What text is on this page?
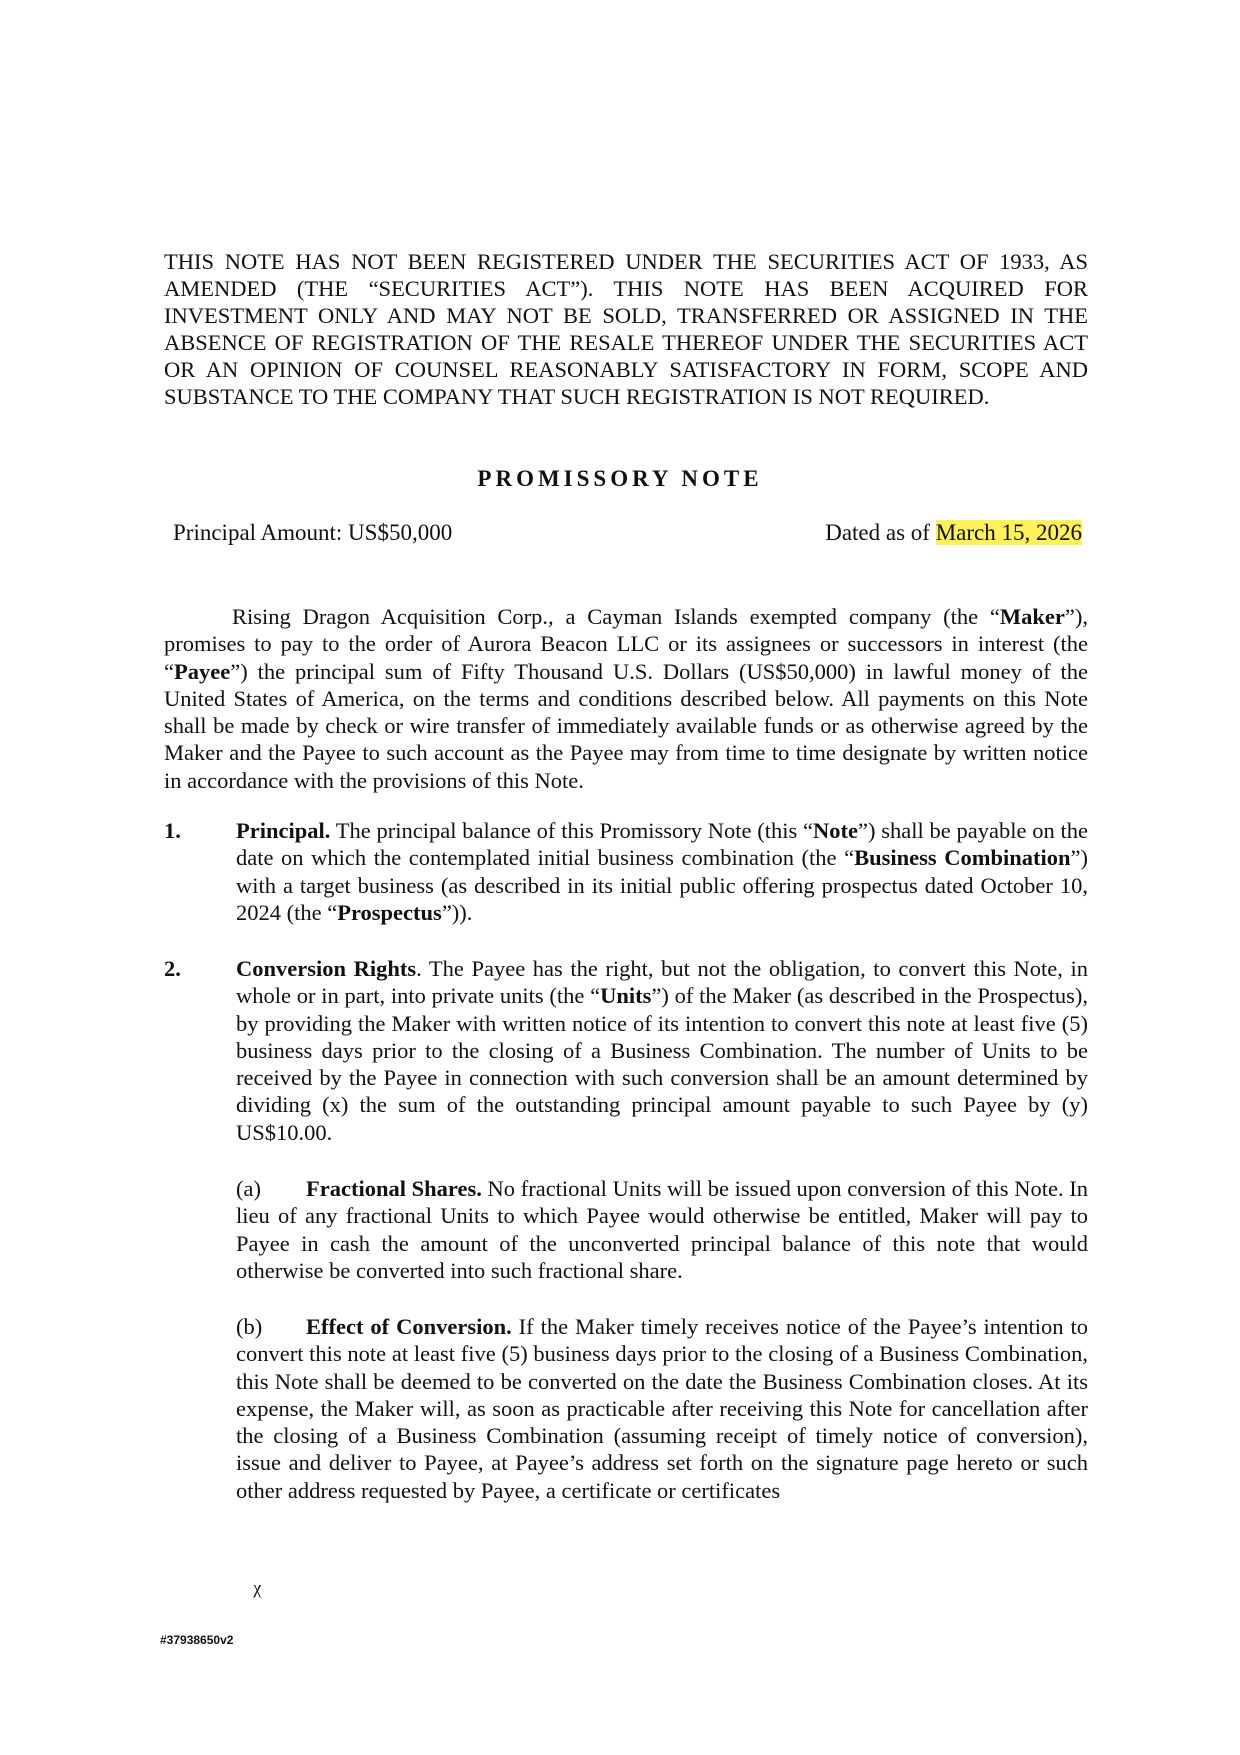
THIS NOTE HAS NOT BEEN REGISTERED UNDER THE SECURITIES ACT OF 1933, AS AMENDED (THE “SECURITIES ACT”). THIS NOTE HAS BEEN ACQUIRED FOR INVESTMENT ONLY AND MAY NOT BE SOLD, TRANSFERRED OR ASSIGNED IN THE ABSENCE OF REGISTRATION OF THE RESALE THEREOF UNDER THE SECURITIES ACT OR AN OPINION OF COUNSEL REASONABLY SATISFACTORY IN FORM, SCOPE AND SUBSTANCE TO THE COMPANY THAT SUCH REGISTRATION IS NOT REQUIRED.
PROMISSORY NOTE
Principal Amount: US$50,000	Dated as of March 15, 2026
Rising Dragon Acquisition Corp., a Cayman Islands exempted company (the “Maker”), promises to pay to the order of Aurora Beacon LLC or its assignees or successors in interest (the “Payee”) the principal sum of Fifty Thousand U.S. Dollars (US$50,000) in lawful money of the United States of America, on the terms and conditions described below. All payments on this Note shall be made by check or wire transfer of immediately available funds or as otherwise agreed by the Maker and the Payee to such account as the Payee may from time to time designate by written notice in accordance with the provisions of this Note.
1. Principal. The principal balance of this Promissory Note (this “Note”) shall be payable on the date on which the contemplated initial business combination (the “Business Combination”) with a target business (as described in its initial public offering prospectus dated October 10, 2024 (the “Prospectus”)).
2. Conversion Rights. The Payee has the right, but not the obligation, to convert this Note, in whole or in part, into private units (the “Units”) of the Maker (as described in the Prospectus), by providing the Maker with written notice of its intention to convert this note at least five (5) business days prior to the closing of a Business Combination. The number of Units to be received by the Payee in connection with such conversion shall be an amount determined by dividing (x) the sum of the outstanding principal amount payable to such Payee by (y) US$10.00.
(a) Fractional Shares. No fractional Units will be issued upon conversion of this Note. In lieu of any fractional Units to which Payee would otherwise be entitled, Maker will pay to Payee in cash the amount of the unconverted principal balance of this note that would otherwise be converted into such fractional share.
(b) Effect of Conversion. If the Maker timely receives notice of the Payee’s intention to convert this note at least five (5) business days prior to the closing of a Business Combination, this Note shall be deemed to be converted on the date the Business Combination closes. At its expense, the Maker will, as soon as practicable after receiving this Note for cancellation after the closing of a Business Combination (assuming receipt of timely notice of conversion), issue and deliver to Payee, at Payee’s address set forth on the signature page hereto or such other address requested by Payee, a certificate or certificates
ᵡ
#37938650v2
